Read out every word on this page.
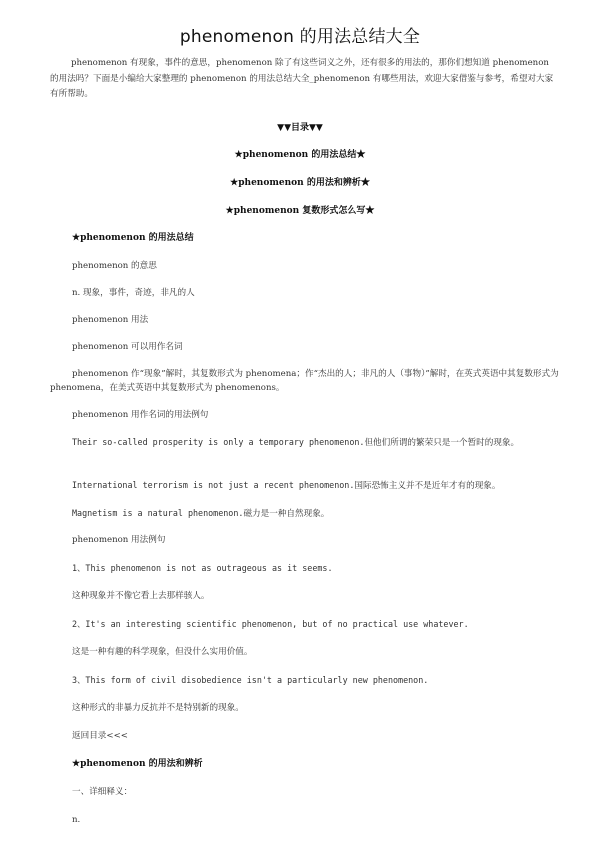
phenomenon 的用法总结大全
phenomenon 有现象，事件的意思，phenomenon 除了有这些词义之外，还有很多的用法的，那你们想知道 phenomenon 的用法吗？下面是小编给大家整理的 phenomenon 的用法总结大全_phenomenon 有哪些用法，欢迎大家借鉴与参考，希望对大家有所帮助。
▼▼目录▼▼
★phenomenon 的用法总结★
★phenomenon 的用法和辨析★
★phenomenon 复数形式怎么写★
★phenomenon 的用法总结
phenomenon 的意思
n. 现象，事件，奇迹，非凡的人
phenomenon 用法
phenomenon 可以用作名词
phenomenon 作“现象”解时，其复数形式为 phenomena；作“杰出的人；非凡的人（事物）”解时，在英式英语中其复数形式为 phenomena，在美式英语中其复数形式为 phenomenons。
phenomenon 用作名词的用法例句
Their so-called prosperity is only a temporary phenomenon.但他们所谓的繁荣只是一个暂时的现象。
International terrorism is not just a recent phenomenon.国际恐怖主义并不是近年才有的现象。
Magnetism is a natural phenomenon.磁力是一种自然现象。
phenomenon 用法例句
1、This phenomenon is not as outrageous as it seems.
这种现象并不像它看上去那样骇人。
2、It's an interesting scientific phenomenon, but of no practical use whatever.
这是一种有趣的科学现象，但没什么实用价值。
3、This form of civil disobedience isn't a particularly new phenomenon.
这种形式的非暴力反抗并不是特别新的现象。
返回目录<<<
★phenomenon 的用法和辨析
一、详细释义：
n.
